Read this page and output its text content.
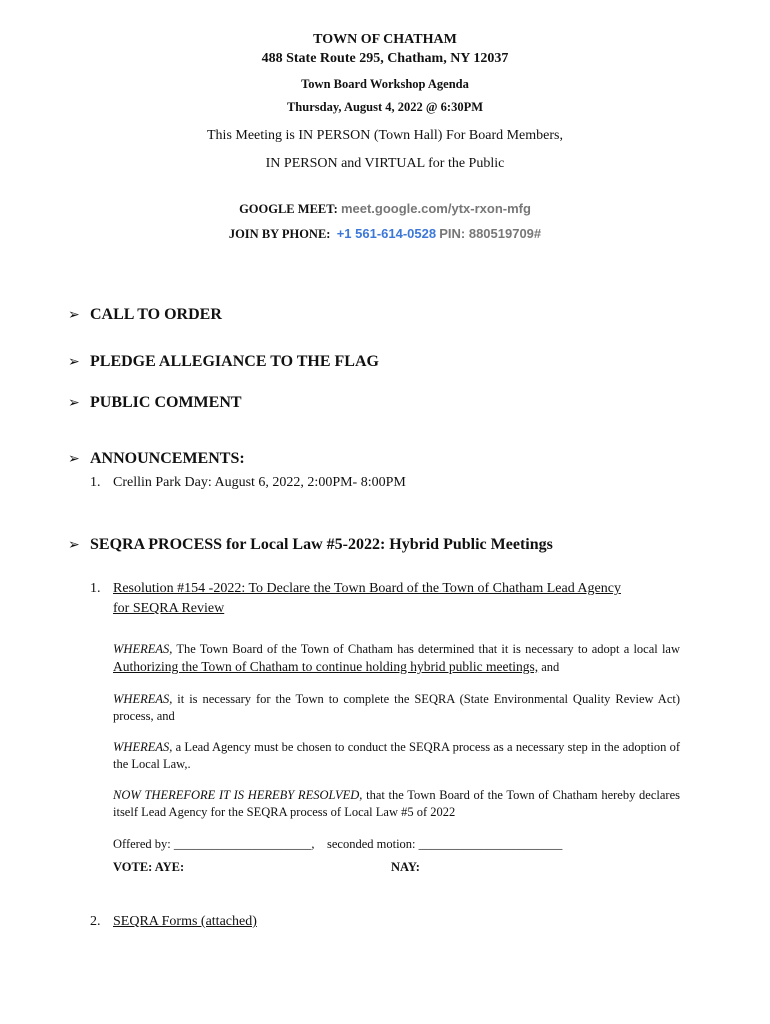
TOWN OF CHATHAM
488 State Route 295, Chatham, NY 12037
Town Board Workshop Agenda
Thursday, August 4, 2022 @ 6:30PM
This Meeting is IN PERSON (Town Hall) For Board Members,
IN PERSON and VIRTUAL for the Public
GOOGLE MEET: meet.google.com/ytx-rxon-mfg
JOIN BY PHONE: +1 561-614-0528 PIN: 880519709#
➢ CALL TO ORDER
➢ PLEDGE ALLEGIANCE TO THE FLAG
➢ PUBLIC COMMENT
➢ ANNOUNCEMENTS:
1. Crellin Park Day: August 6, 2022, 2:00PM- 8:00PM
➢ SEQRA PROCESS for Local Law #5-2022: Hybrid Public Meetings
1. Resolution #154 -2022: To Declare the Town Board of the Town of Chatham Lead Agency
for SEQRA Review
WHEREAS, The Town Board of the Town of Chatham has determined that it is necessary to adopt a local law Authorizing the Town of Chatham to continue holding hybrid public meetings, and
WHEREAS, it is necessary for the Town to complete the SEQRA (State Environmental Quality Review Act) process, and
WHEREAS, a Lead Agency must be chosen to conduct the SEQRA process as a necessary step in the adoption of the Local Law,.
NOW THEREFORE IT IS HEREBY RESOLVED, that the Town Board of the Town of Chatham hereby declares itself Lead Agency for the SEQRA process of Local Law #5 of 2022
Offered by: ______________________, seconded motion: _______________________
VOTE: AYE:	NAY:
2. SEQRA Forms (attached)
